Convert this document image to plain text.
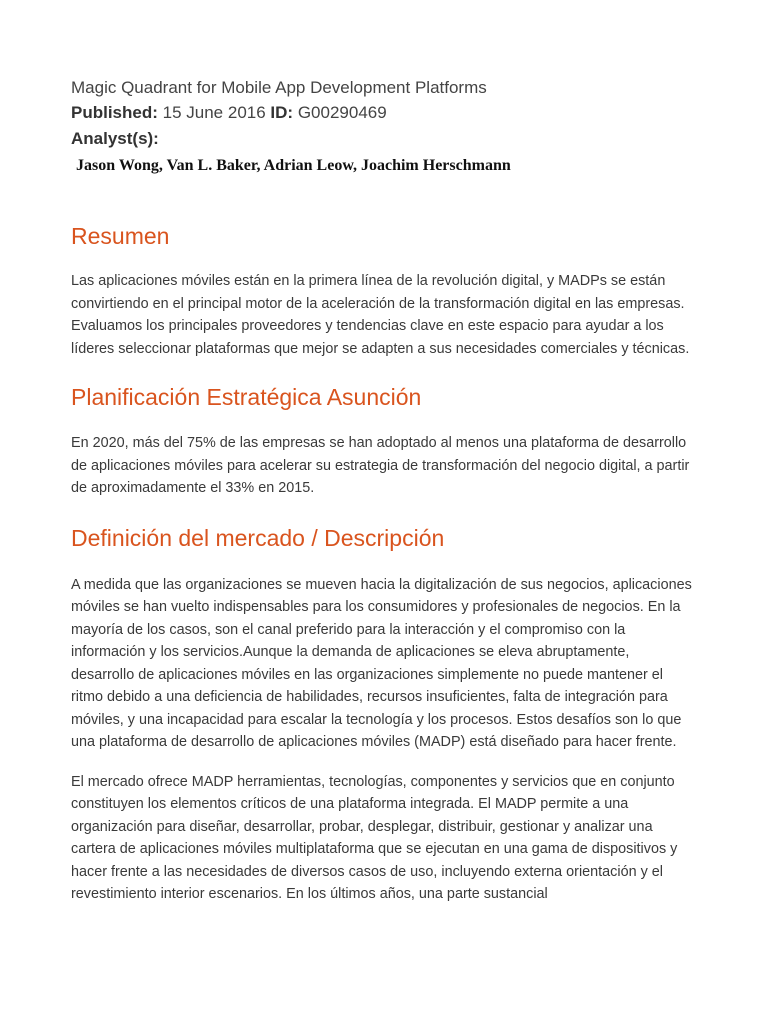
Magic Quadrant for Mobile App Development Platforms

Published: 15 June 2016 ID: G00290469

Analyst(s):

Jason Wong, Van L. Baker, Adrian Leow, Joachim Herschmann

Resumen

Las aplicaciones móviles están en la primera línea de la revolución digital, y MADPs se están convirtiendo en el principal motor de la aceleración de la transformación digital en las empresas. Evaluamos los principales proveedores y tendencias clave en este espacio para ayudar a los líderes seleccionar plataformas que mejor se adapten a sus necesidades comerciales y técnicas.

Planificación Estratégica Asunción

En 2020, más del 75% de las empresas se han adoptado al menos una plataforma de desarrollo de aplicaciones móviles para acelerar su estrategia de transformación del negocio digital, a partir de aproximadamente el 33% en 2015.

Definición del mercado / Descripción

A medida que las organizaciones se mueven hacia la digitalización de sus negocios, aplicaciones móviles se han vuelto indispensables para los consumidores y profesionales de negocios. En la mayoría de los casos, son el canal preferido para la interacción y el compromiso con la información y los servicios.Aunque la demanda de aplicaciones se eleva abruptamente, desarrollo de aplicaciones móviles en las organizaciones simplemente no puede mantener el ritmo debido a una deficiencia de habilidades, recursos insuficientes, falta de integración para móviles, y una incapacidad para escalar la tecnología y los procesos. Estos desafíos son lo que una plataforma de desarrollo de aplicaciones móviles (MADP) está diseñado para hacer frente.

El mercado ofrece MADP herramientas, tecnologías, componentes y servicios que en conjunto constituyen los elementos críticos de una plataforma integrada. El MADP permite a una organización para diseñar, desarrollar, probar, desplegar, distribuir, gestionar y analizar una cartera de aplicaciones móviles multiplataforma que se ejecutan en una gama de dispositivos y hacer frente a las necesidades de diversos casos de uso, incluyendo externa orientación y el revestimiento interior escenarios. En los últimos años, una parte sustancial
